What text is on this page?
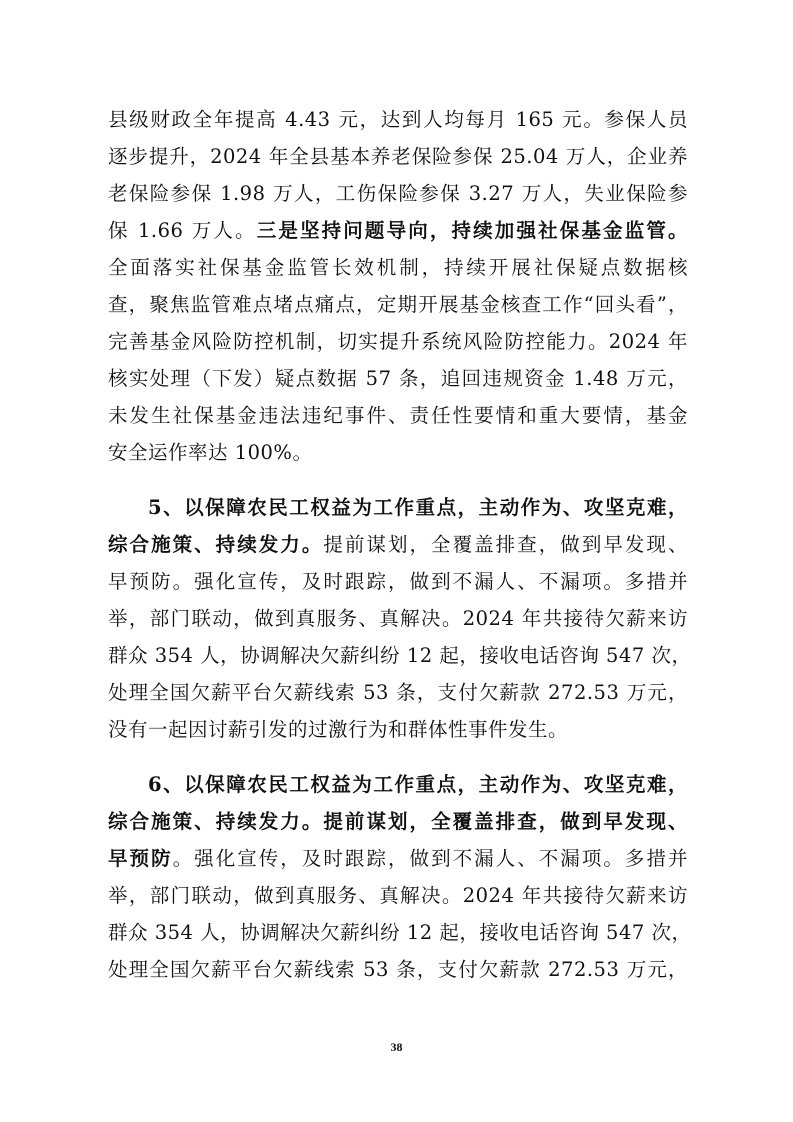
县级财政全年提高 4.43 元，达到人均每月 165 元。参保人员
逐步提升，2024 年全县基本养老保险参保 25.04 万人，企业养
老保险参保 1.98 万人，工伤保险参保 3.27 万人，失业保险参
保 1.66 万人。三是坚持问题导向，持续加强社保基金监管。
全面落实社保基金监管长效机制，持续开展社保疑点数据核
查，聚焦监管难点堵点痛点，定期开展基金核查工作“回头看”，
完善基金风险防控机制，切实提升系统风险防控能力。2024 年
核实处理（下发）疑点数据 57 条，追回违规资金 1.48 万元，
未发生社保基金违法违纪事件、责任性要情和重大要情，基金
安全运作率达 100%。
5、以保障农民工权益为工作重点，主动作为、攻坚克难，
综合施策、持续发力。提前谋划，全覆盖排查，做到早发现、
早预防。强化宣传，及时跟踪，做到不漏人、不漏项。多措并
举，部门联动，做到真服务、真解决。2024 年共接待欠薪来访
群众 354 人，协调解决欠薪纠纷 12 起，接收电话咨询 547 次，
处理全国欠薪平台欠薪线索 53 条，支付欠薪款 272.53 万元，
没有一起因讨薪引发的过激行为和群体性事件发生。
6、以保障农民工权益为工作重点，主动作为、攻坚克难，
综合施策、持续发力。提前谋划，全覆盖排查，做到早发现、
早预防。强化宣传，及时跟踪，做到不漏人、不漏项。多措并
举，部门联动，做到真服务、真解决。2024 年共接待欠薪来访
群众 354 人，协调解决欠薪纠纷 12 起，接收电话咨询 547 次，
处理全国欠薪平台欠薪线索 53 条，支付欠薪款 272.53 万元，
38
